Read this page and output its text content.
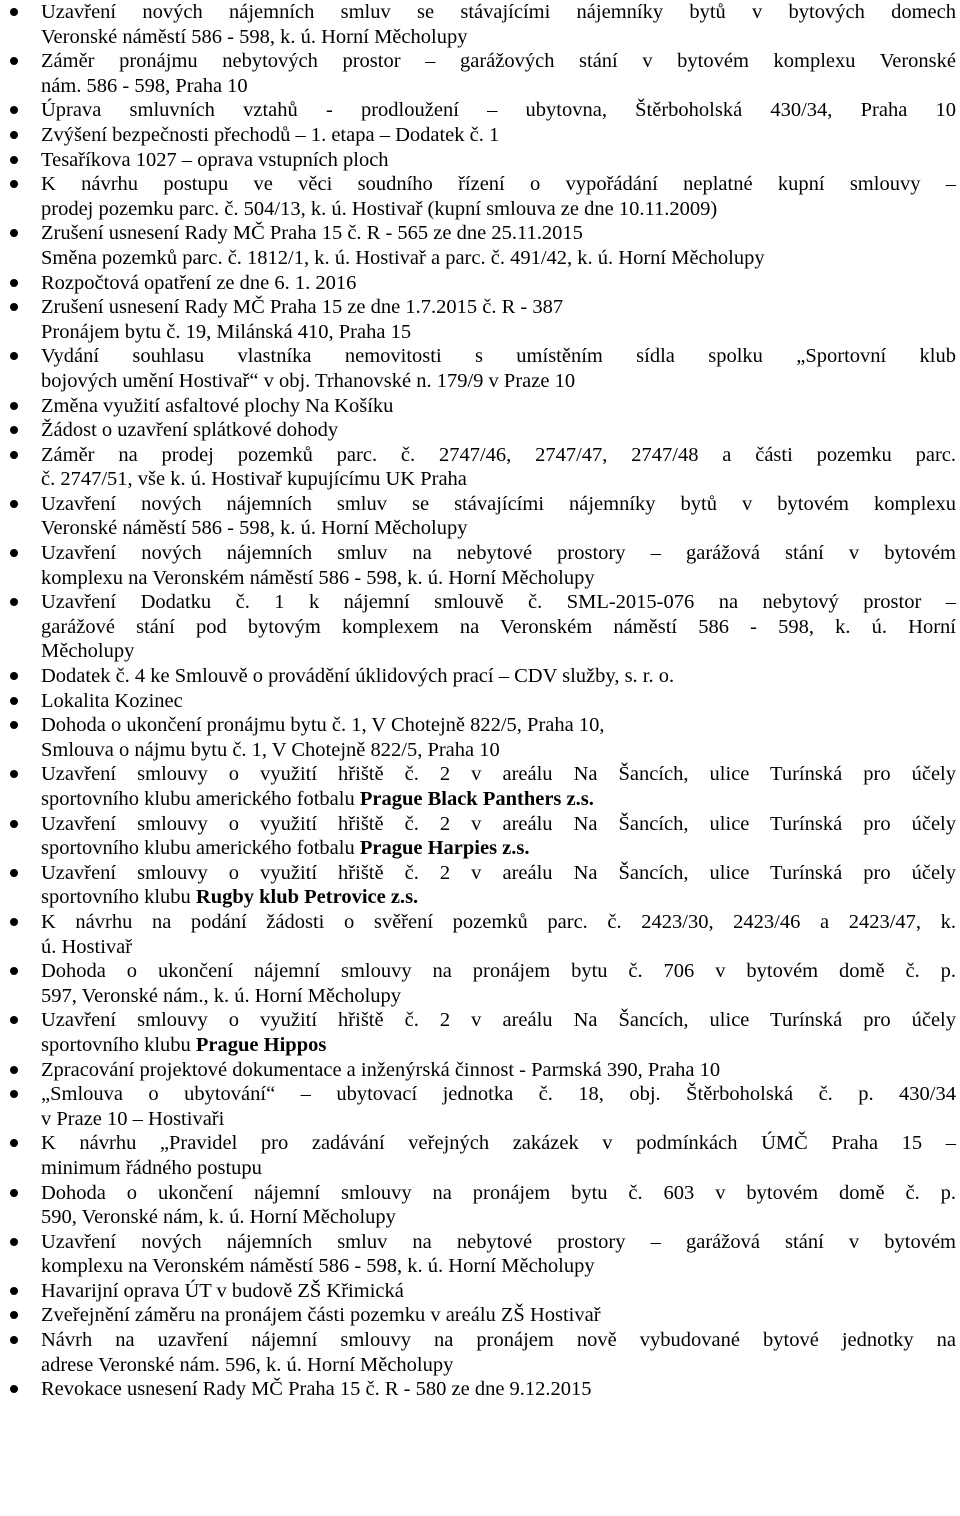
Uzavření nových nájemních smluv se stávajícími nájemníky bytů v bytových domech
Veronské náměstí 586 - 598, k. ú. Horní Měcholupy
Záměr pronájmu nebytových prostor – garážových stání v bytovém komplexu Veronské
nám. 586 - 598, Praha 10
Úprava smluvních vztahů - prodloužení – ubytovna, Štěrboholská 430/34, Praha 10
Zvýšení bezpečnosti přechodů – 1. etapa – Dodatek č. 1
Tesaříkova 1027 – oprava vstupních ploch
K návrhu postupu ve věci soudního řízení o vypořádání neplatné kupní smlouvy –
prodej pozemku parc. č. 504/13, k. ú. Hostivař (kupní smlouva ze dne 10.11.2009)
Zrušení usnesení Rady MČ Praha 15 č. R - 565 ze dne 25.11.2015
Směna pozemků parc. č. 1812/1, k. ú. Hostivař a parc. č. 491/42, k. ú. Horní Měcholupy
Rozpočtová opatření ze dne 6. 1. 2016
Zrušení usnesení Rady MČ Praha 15 ze dne 1.7.2015 č. R - 387
Pronájem bytu č. 19, Milánská 410, Praha 15
Vydání souhlasu vlastníka nemovitosti s umístěním sídla spolku „Sportovní klub
bojových umění Hostivař“ v obj. Trhanovské n. 179/9 v Praze 10
Změna využití asfaltové plochy Na Košíku
Žádost o uzavření splátkové dohody
Záměr na prodej pozemků parc. č. 2747/46, 2747/47, 2747/48 a části pozemku parc.
č. 2747/51, vše k. ú. Hostivař kupujícímu UK Praha
Uzavření nových nájemních smluv se stávajícími nájemníky bytů v bytovém komplexu
Veronské náměstí 586 - 598, k. ú. Horní Měcholupy
Uzavření nových nájemních smluv na nebytové prostory – garážová stání v bytovém
komplexu na Veronském náměstí 586 - 598, k. ú. Horní Měcholupy
Uzavření Dodatku č. 1 k nájemní smlouvě č. SML-2015-076 na nebytový prostor –
garážové stání pod bytovým komplexem na Veronském náměstí 586 - 598, k. ú. Horní
Měcholupy
Dodatek č. 4 ke Smlouvě o provádění úklidových prací – CDV služby, s. r. o.
Lokalita Kozinec
Dohoda o ukončení pronájmu bytu č. 1, V Chotejně 822/5, Praha 10,
Smlouva o nájmu bytu č. 1, V Chotejně 822/5, Praha 10
Uzavření smlouvy o využití hřiště č. 2 v areálu Na Šancích, ulice Turínská pro účely
sportovního klubu amerického fotbalu Prague Black Panthers z.s.
Uzavření smlouvy o využití hřiště č. 2 v areálu Na Šancích, ulice Turínská pro účely
sportovního klubu amerického fotbalu Prague Harpies z.s.
Uzavření smlouvy o využití hřiště č. 2 v areálu Na Šancích, ulice Turínská pro účely
sportovního klubu Rugby klub Petrovice z.s.
K návrhu na podání žádosti o svěření pozemků parc. č. 2423/30, 2423/46 a 2423/47, k.
ú. Hostivař
Dohoda o ukončení nájemní smlouvy na pronájem bytu č. 706 v bytovém domě č. p.
597, Veronské nám., k. ú. Horní Měcholupy
Uzavření smlouvy o využití hřiště č. 2 v areálu Na Šancích, ulice Turínská pro účely
sportovního klubu Prague Hippos
Zpracování projektové dokumentace a inženýrská činnost - Parmská 390, Praha 10
„Smlouva o ubytování“ – ubytovací jednotka č. 18, obj. Štěrboholská č. p. 430/34
v Praze 10 – Hostivaři
K návrhu „Pravidel pro zadávání veřejných zakázek v podmínkách ÚMČ Praha 15 –
minimum řádného postupu
Dohoda o ukončení nájemní smlouvy na pronájem bytu č. 603 v bytovém domě č. p.
590, Veronské nám, k. ú. Horní Měcholupy
Uzavření nových nájemních smluv na nebytové prostory – garážová stání v bytovém
komplexu na Veronském náměstí 586 - 598, k. ú. Horní Měcholupy
Havarijní oprava ÚT v budově ZŠ Křimická
Zveřejnění záměru na pronájem části pozemku v areálu ZŠ Hostivař
Návrh na uzavření nájemní smlouvy na pronájem nově vybudované bytové jednotky na
adrese Veronské nám. 596, k. ú. Horní Měcholupy
Revokace usnesení Rady MČ Praha 15 č. R - 580 ze dne 9.12.2015
